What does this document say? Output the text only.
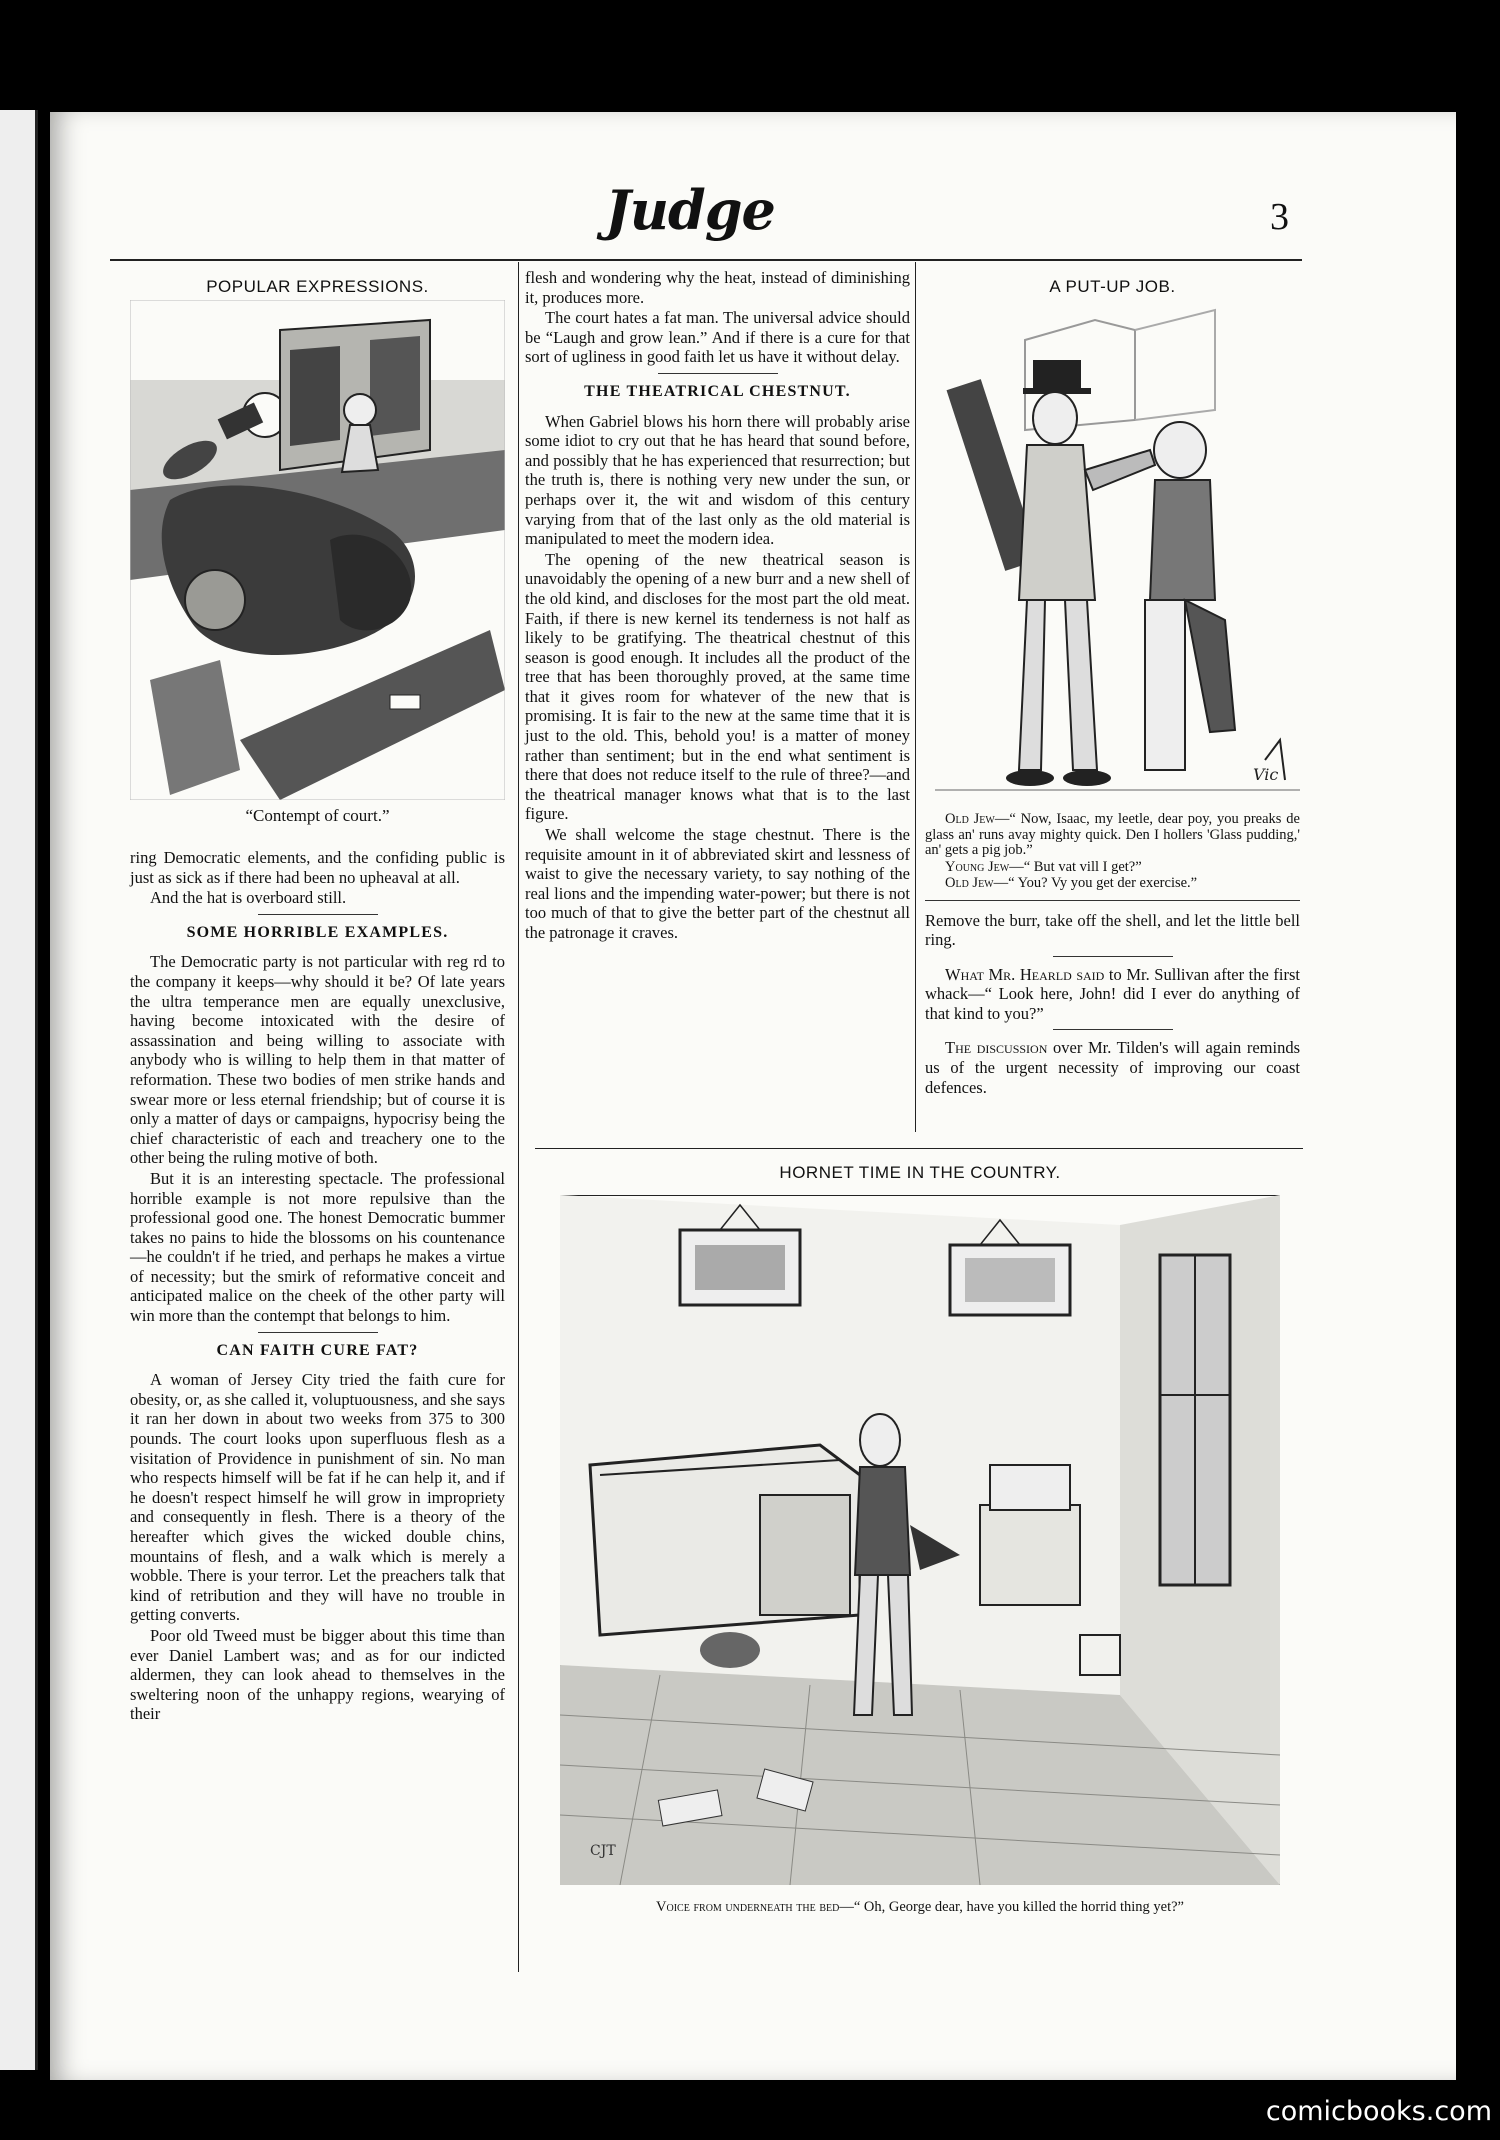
Judge	3
POPULAR EXPRESSIONS.
“Contempt of court.”

ring Democratic elements, and the confiding public is just as sick as if there had been no upheaval at all.

And the hat is overboard still.

SOME HORRIBLE EXAMPLES.

The Democratic party is not particular with reg rd to the company it keeps—why should it be? Of late years the ultra temperance men are equally unexclusive, having become intoxicated with the desire of assassination and being willing to associate with anybody who is willing to help them in that matter of reformation. These two bodies of men strike hands and swear more or less eternal friendship; but of course it is only a matter of days or campaigns, hypocrisy being the chief characteristic of each and treachery one to the other being the ruling motive of both.

But it is an interesting spectacle. The professional horrible example is not more repulsive than the professional good one. The honest Democratic bummer takes no pains to hide the blossoms on his countenance—he couldn't if he tried, and perhaps he makes a virtue of necessity; but the smirk of reformative conceit and anticipated malice on the cheek of the other party will win more than the contempt that belongs to him.

CAN FAITH CURE FAT?

A woman of Jersey City tried the faith cure for obesity, or, as she called it, voluptuousness, and she says it ran her down in about two weeks from 375 to 300 pounds. The court looks upon superfluous flesh as a visitation of Providence in punishment of sin. No man who respects himself will be fat if he can help it, and if he doesn't respect himself he will grow in impropriety and consequently in flesh. There is a theory of the hereafter which gives the wicked double chins, mountains of flesh, and a walk which is merely a wobble. There is your terror. Let the preachers talk that kind of retribution and they will have no trouble in getting converts.

Poor old Tweed must be bigger about this time than ever Daniel Lambert was; and as for our indicted aldermen, they can look ahead to themselves in the sweltering noon of the unhappy regions, wearying of their

flesh and wondering why the heat, instead of diminishing it, produces more.

The court hates a fat man. The universal advice should be “Laugh and grow lean.” And if there is a cure for that sort of ugliness in good faith let us have it without delay.

THE THEATRICAL CHESTNUT.

When Gabriel blows his horn there will probably arise some idiot to cry out that he has heard that sound before, and possibly that he has experienced that resurrection; but the truth is, there is nothing very new under the sun, or perhaps over it, the wit and wisdom of this century varying from that of the last only as the old material is manipulated to meet the modern idea.

The opening of the new theatrical season is unavoidably the opening of a new burr and a new shell of the old kind, and discloses for the most part the old meat. Faith, if there is new kernel its tenderness is not half as likely to be gratifying. The theatrical chestnut of this season is good enough. It includes all the product of the tree that has been thoroughly proved, at the same time that it gives room for whatever of the new that is promising. It is fair to the new at the same time that it is just to the old. This, behold you! is a matter of money rather than sentiment; but in the end what sentiment is there that does not reduce itself to the rule of three?—and the theatrical manager knows what that is to the last figure.

We shall welcome the stage chestnut. There is the requisite amount in it of abbreviated skirt and lessness of waist to give the necessary variety, to say nothing of the real lions and the impending water-power; but there is not too much of that to give the better part of the chestnut all the patronage it craves.

A PUT-UP JOB.
Vic

Old Jew—“ Now, Isaac, my leetle, dear poy, you preaks de glass an' runs avay mighty quick. Den I hollers 'Glass pudding,' an' gets a pig job.”

Young Jew—“ But vat vill I get?”

Old Jew—“ You? Vy you get der exercise.”

Remove the burr, take off the shell, and let the little bell ring.

What Mr. Hearld said to Mr. Sullivan after the first whack—“ Look here, John! did I ever do anything of that kind to you?”

The discussion over Mr. Tilden's will again reminds us of the urgent necessity of improving our coast defences.

HORNET TIME IN THE COUNTRY.
CJT
Voice from underneath the bed—“ Oh, George dear, have you killed the horrid thing yet?”
comicbooks.com
